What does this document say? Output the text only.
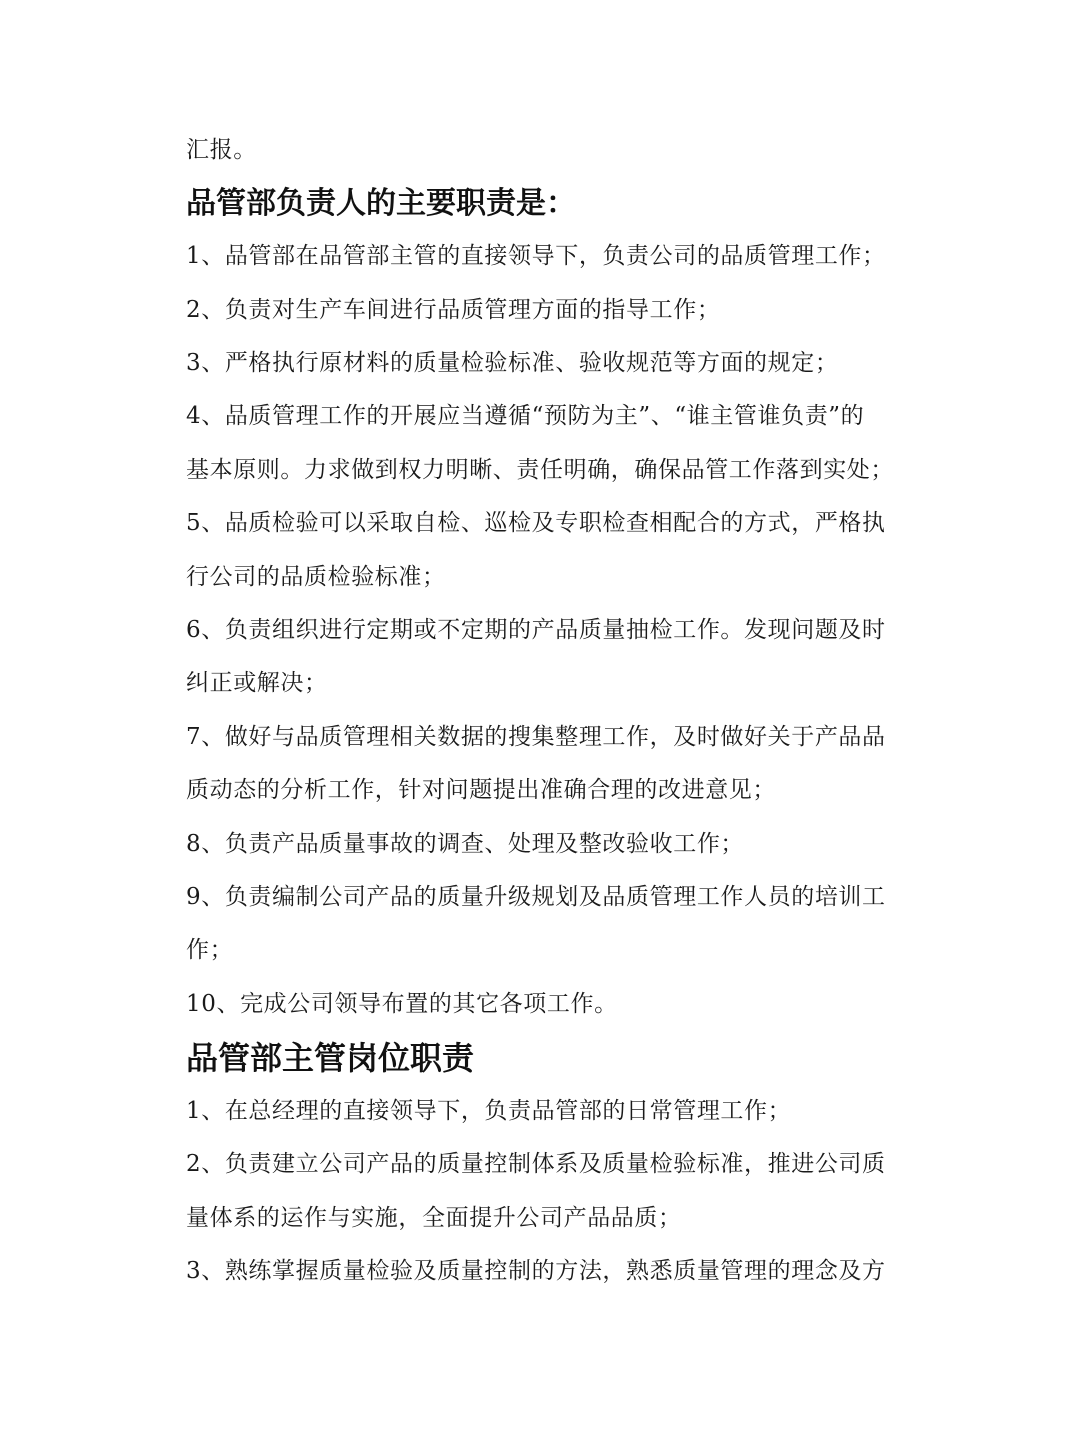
汇报。
品管部负责人的主要职责是：
1、品管部在品管部主管的直接领导下，负责公司的品质管理工作；
2、负责对生产车间进行品质管理方面的指导工作；
3、严格执行原材料的质量检验标准、验收规范等方面的规定；
4、品质管理工作的开展应当遵循“预防为主”、“谁主管谁负责”的
基本原则。力求做到权力明晰、责任明确，确保品管工作落到实处；
5、品质检验可以采取自检、巡检及专职检查相配合的方式，严格执
行公司的品质检验标准；
6、负责组织进行定期或不定期的产品质量抽检工作。发现问题及时
纠正或解决；
7、做好与品质管理相关数据的搜集整理工作，及时做好关于产品品
质动态的分析工作，针对问题提出准确合理的改进意见；
8、负责产品质量事故的调查、处理及整改验收工作；
9、负责编制公司产品的质量升级规划及品质管理工作人员的培训工
作；
10、完成公司领导布置的其它各项工作。
品管部主管岗位职责
1、在总经理的直接领导下，负责品管部的日常管理工作；
2、负责建立公司产品的质量控制体系及质量检验标准，推进公司质
量体系的运作与实施，全面提升公司产品品质；
3、熟练掌握质量检验及质量控制的方法，熟悉质量管理的理念及方
